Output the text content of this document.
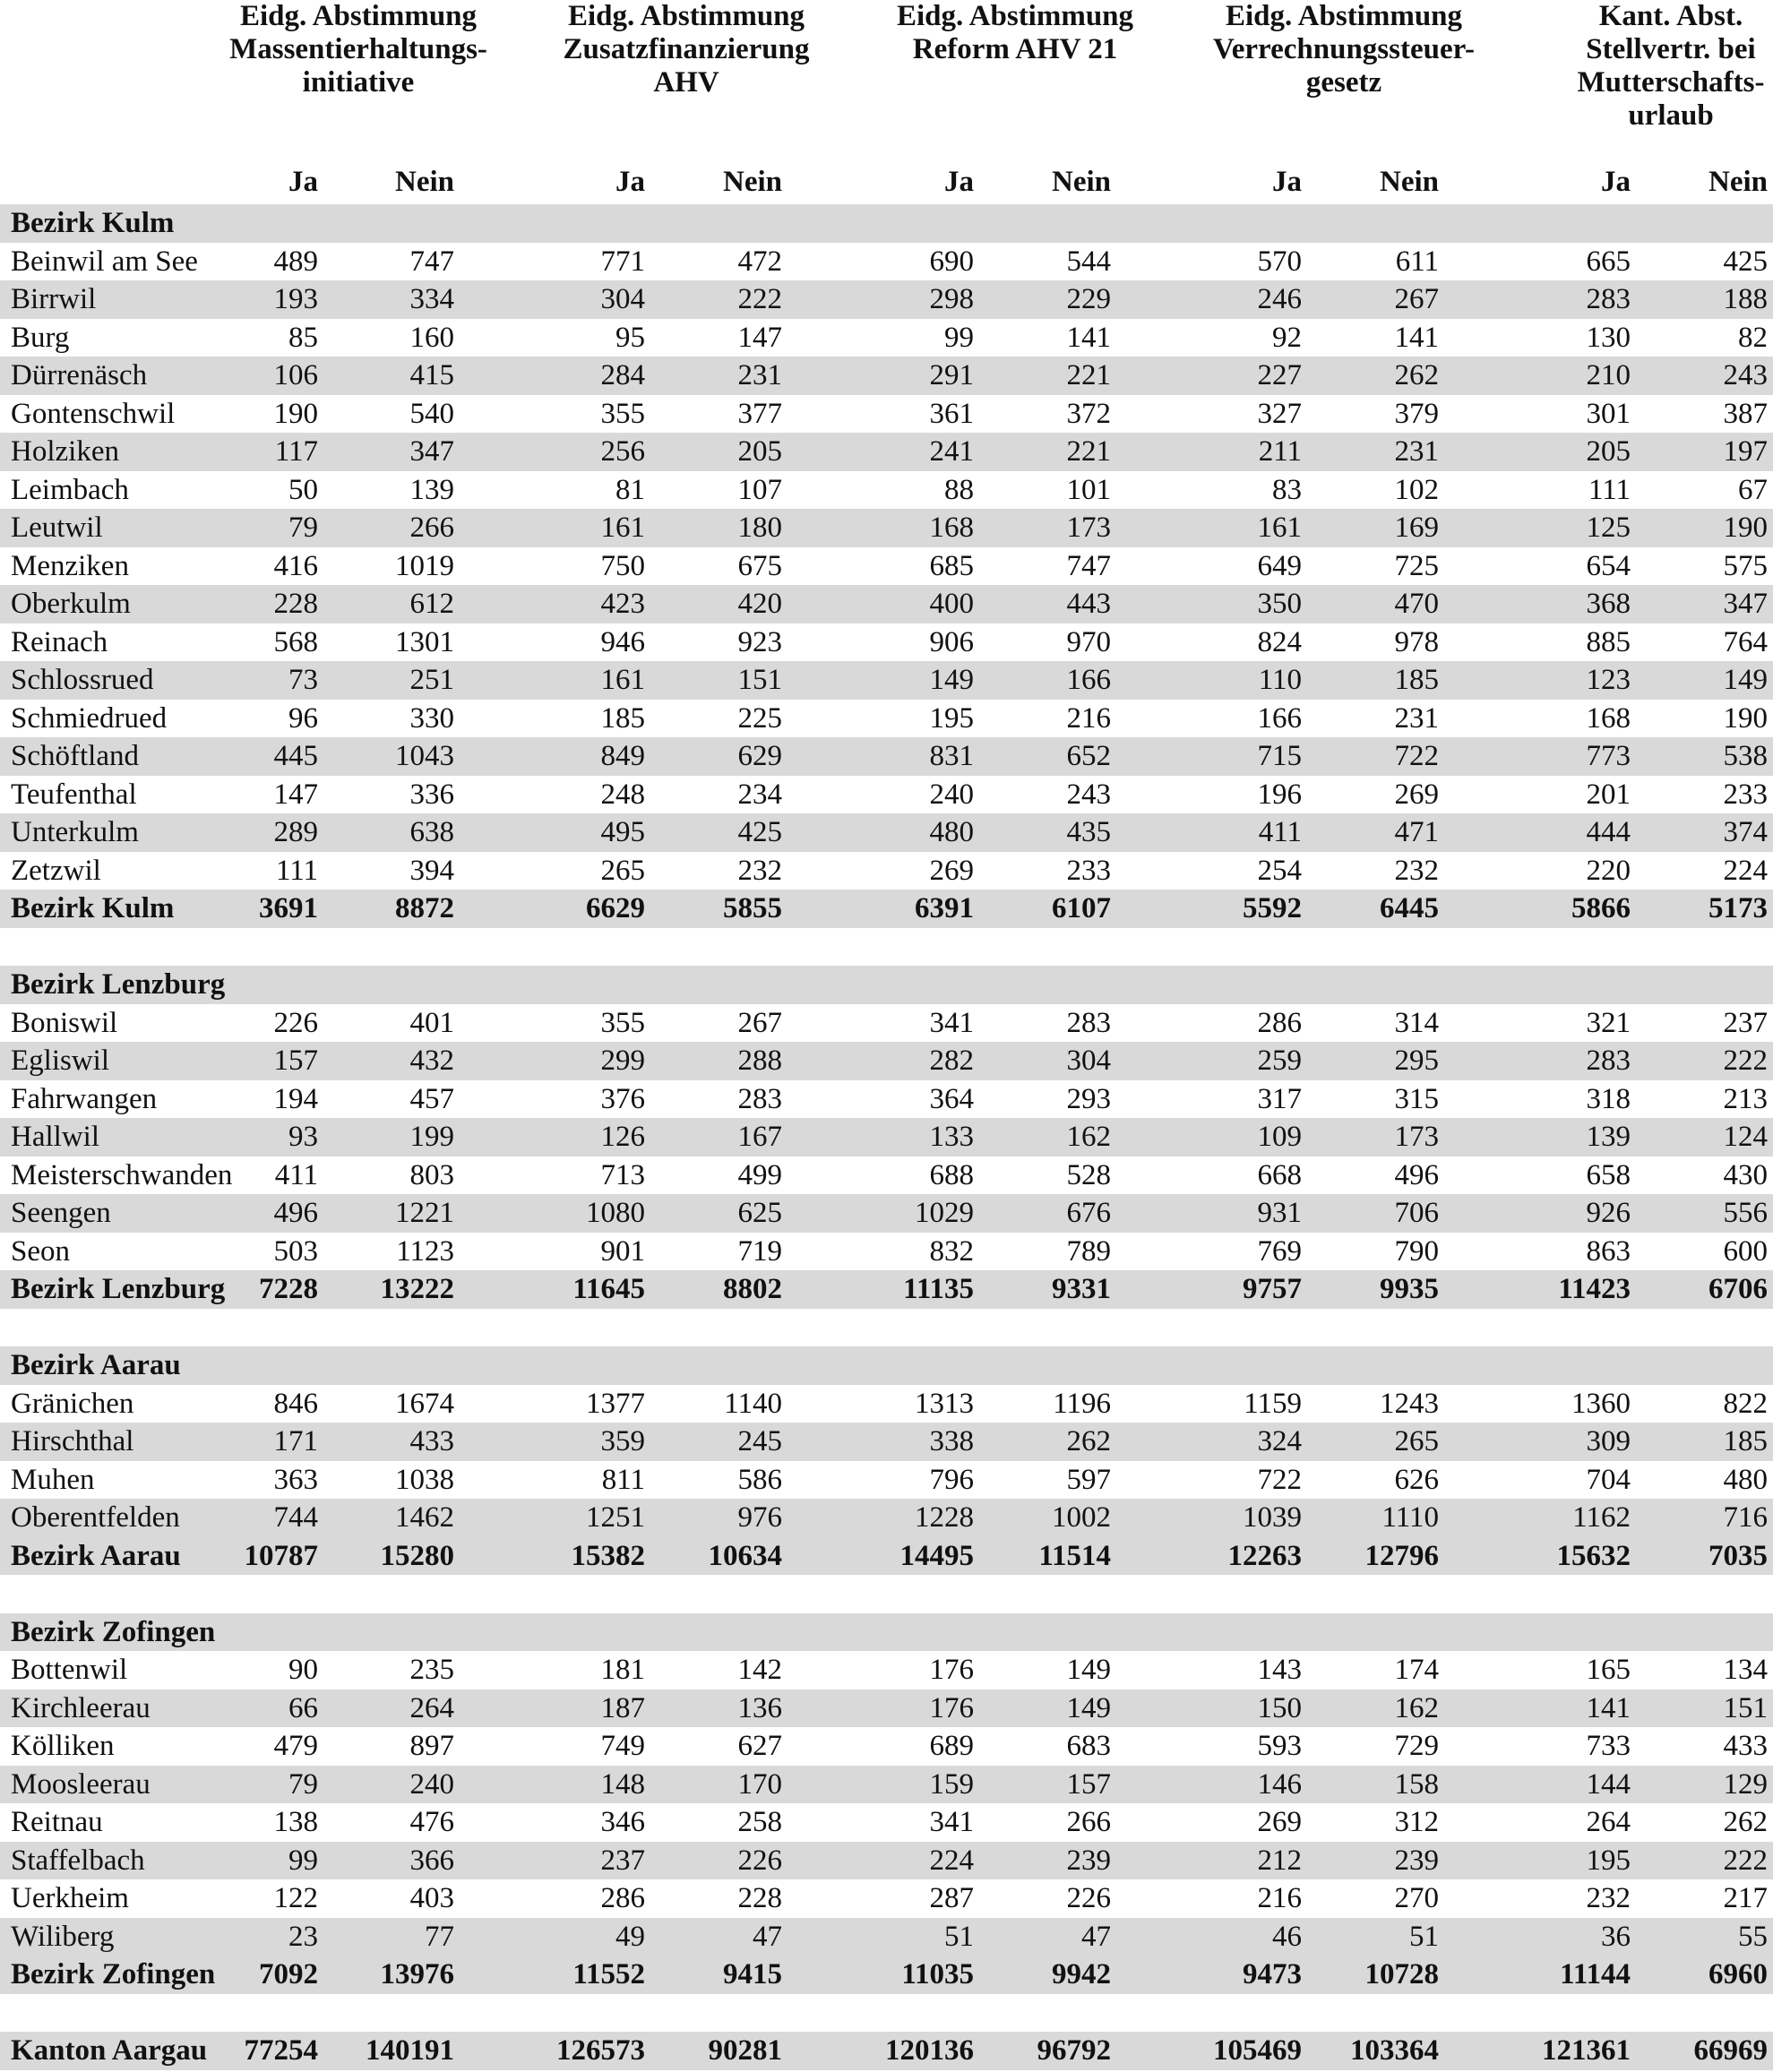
Eidg. Abstimmung
Massentierhaltungs-
initiative
Eidg. Abstimmung
Zusatzfinanzierung
AHV
Eidg. Abstimmung
Reform AHV 21
Eidg. Abstimmung
Verrechnungssteuer-
gesetz
Kant. Abst.
Stellvertr. bei
Mutterschafts-
urlaub
Ja	Nein	Ja	Nein	Ja	Nein	Ja	Nein	Ja	Nein
Bezirk Kulm
Beinwil am See	489	747	771	472	690	544	570	611	665	425
Birrwil	193	334	304	222	298	229	246	267	283	188
Burg	85	160	95	147	99	141	92	141	130	82
Dürrenäsch	106	415	284	231	291	221	227	262	210	243
Gontenschwil	190	540	355	377	361	372	327	379	301	387
Holziken	117	347	256	205	241	221	211	231	205	197
Leimbach	50	139	81	107	88	101	83	102	111	67
Leutwil	79	266	161	180	168	173	161	169	125	190
Menziken	416	1019	750	675	685	747	649	725	654	575
Oberkulm	228	612	423	420	400	443	350	470	368	347
Reinach	568	1301	946	923	906	970	824	978	885	764
Schlossrued	73	251	161	151	149	166	110	185	123	149
Schmiedrued	96	330	185	225	195	216	166	231	168	190
Schöftland	445	1043	849	629	831	652	715	722	773	538
Teufenthal	147	336	248	234	240	243	196	269	201	233
Unterkulm	289	638	495	425	480	435	411	471	444	374
Zetzwil	111	394	265	232	269	233	254	232	220	224
Bezirk Kulm	3691	8872	6629	5855	6391	6107	5592	6445	5866	5173
Bezirk Lenzburg
Boniswil	226	401	355	267	341	283	286	314	321	237
Egliswil	157	432	299	288	282	304	259	295	283	222
Fahrwangen	194	457	376	283	364	293	317	315	318	213
Hallwil	93	199	126	167	133	162	109	173	139	124
Meisterschwanden	411	803	713	499	688	528	668	496	658	430
Seengen	496	1221	1080	625	1029	676	931	706	926	556
Seon	503	1123	901	719	832	789	769	790	863	600
Bezirk Lenzburg	7228	13222	11645	8802	11135	9331	9757	9935	11423	6706
Bezirk Aarau
Gränichen	846	1674	1377	1140	1313	1196	1159	1243	1360	822
Hirschthal	171	433	359	245	338	262	324	265	309	185
Muhen	363	1038	811	586	796	597	722	626	704	480
Oberentfelden	744	1462	1251	976	1228	1002	1039	1110	1162	716
Bezirk Aarau	10787	15280	15382	10634	14495	11514	12263	12796	15632	7035
Bezirk Zofingen
Bottenwil	90	235	181	142	176	149	143	174	165	134
Kirchleerau	66	264	187	136	176	149	150	162	141	151
Kölliken	479	897	749	627	689	683	593	729	733	433
Moosleerau	79	240	148	170	159	157	146	158	144	129
Reitnau	138	476	346	258	341	266	269	312	264	262
Staffelbach	99	366	237	226	224	239	212	239	195	222
Uerkheim	122	403	286	228	287	226	216	270	232	217
Wiliberg	23	77	49	47	51	47	46	51	36	55
Bezirk Zofingen	7092	13976	11552	9415	11035	9942	9473	10728	11144	6960
Kanton Aargau	77254	140191	126573	90281	120136	96792	105469	103364	121361	66969
